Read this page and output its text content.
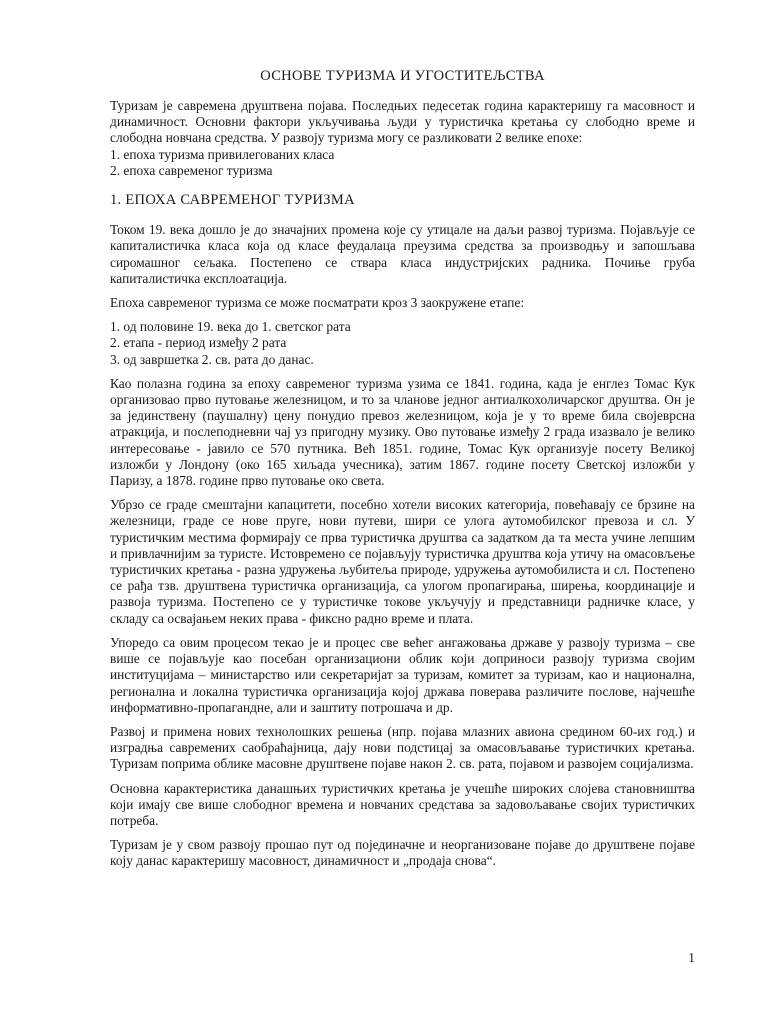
ОСНОВЕ ТУРИЗМА И УГОСТИТЕЉСТВА

Туризам је савремена друштвена појава. Последњих педесетак година карактеришу га масовност и динамичност. Основни фактори укључивања људи у туристичка кретања су слободно време и слободна новчана средства. У развоју туризма могу се разликовати 2 велике епохе:

1. епоха туризма привилегованих класа
2. епоха савременог туризма
1. ЕПОХА САВРЕМЕНОГ ТУРИЗМА

Током 19. века дошло је до значајних промена које су утицале на даљи развој туризма. Појављује се капиталистичка класа која од класе феудалаца преузима средства за производњу и запошљава сиромашног сељака. Постепено се ствара класа индустријских радника. Почиње груба капиталистичка експлоатација.

Епоха савременог туризма се може посматрати кроз 3 заокружене етапе:

1. од половине 19. века до 1. светског рата
2. етапа - период између 2 рата
3. од завршетка 2. св. рата до данас.

Као полазна година за епоху савременог туризма узима се 1841. година, када је енглез Томас Кук организовао прво путовање железницом, и то за чланове једног антиалкохоличарског друштва. Он је за јединствену (паушалну) цену понудио превоз железницом, која је у то време била својеврсна атракција, и послеподневни чај уз пригодну музику. Ово путовање између 2 града изазвало је велико интересовање - јавило се 570 путника. Већ 1851. године, Томас Кук организује посету Великој изложби у Лондону (око 165 хиљада учесника), затим 1867. године посету Светској изложби у Паризу, а 1878. године прво путовање око света.

Убрзо се граде смештајни капацитети, посебно хотели високих категорија, повећавају се брзине на железници, граде се нове пруге, нови путеви, шири се улога аутомобилског превоза и сл. У туристичким местима формирају се прва туристичка друштва са задатком да та места учине лепшим и привлачнијим за туристе. Истовремено се појављују туристичка друштва која утичу на омасовљење туристичких кретања - разна удружења љубитеља природе, удружења аутомобилиста и сл. Постепено се рађа тзв. друштвена туристичка организација, са улогом пропагирања, ширења, координације и развоја туризма. Постепено се у туристичке токове укључују и представници радничке класе, у складу са освајањем неких права - фиксно радно време и плата.

Упоредо са овим процесом текао је и процес све већег ангажовања државе у развоју туризма – све више се појављује као посебан организациони облик који доприноси развоју туризма својим институцијама – министарство или секретаријат за туризам, комитет за туризам, као и национална, регионална и локална туристичка организација којој држава поверава различите послове, најчешће информативно-пропагандне, али и заштиту потрошача и др.

Развој и примена нових технолошких решења (нпр. појава млазних авиона средином 60-их год.) и изградња савремених саобраћајница, дају нови подстицај за омасовљавање туристичких кретања. Туризам поприма облике масовне друштвене појаве након 2. св. рата, појавом и развојем социјализма.

Основна карактеристика данашњих туристичких кретања је учешће широких слојева становништва који имају све више слободног времена и новчаних средстава за задовољавање својих туристичких потреба.

Туризам је у свом развоју прошао пут од појединачне и неорганизоване појаве до друштвене појаве коју данас карактеришу масовност, динамичност и „продаја снова“.

1
